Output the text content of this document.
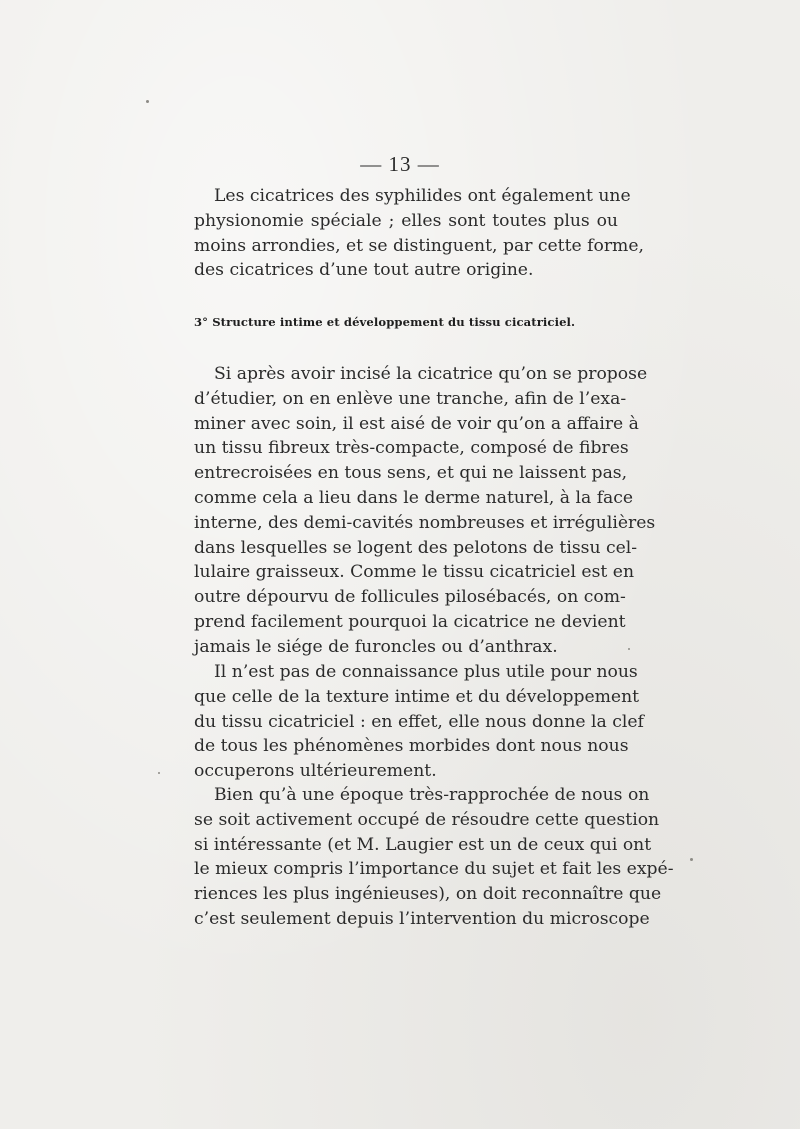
— 13 —

Les cicatrices des syphilides ont également une
physionomie spéciale ; elles sont toutes plus ou
moins arrondies, et se distinguent, par cette forme,
des cicatrices d’une tout autre origine.

3° Structure intime et développement du tissu cicatriciel.

Si après avoir incisé la cicatrice qu’on se propose
d’étudier, on en enlève une tranche, afin de l’exa-
miner avec soin, il est aisé de voir qu’on a affaire à
un tissu fibreux très-compacte, composé de fibres
entrecroisées en tous sens, et qui ne laissent pas,
comme cela a lieu dans le derme naturel, à la face
interne, des demi-cavités nombreuses et irrégulières
dans lesquelles se logent des pelotons de tissu cel-
lulaire graisseux. Comme le tissu cicatriciel est en
outre dépourvu de follicules pilosébacés, on com-
prend facilement pourquoi la cicatrice ne devient
jamais le siége de furoncles ou d’anthrax.

Il n’est pas de connaissance plus utile pour nous
que celle de la texture intime et du développement
du tissu cicatriciel : en effet, elle nous donne la clef
de tous les phénomènes morbides dont nous nous
occuperons ultérieurement.

Bien qu’à une époque très-rapprochée de nous on
se soit activement occupé de résoudre cette question
si intéressante (et M. Laugier est un de ceux qui ont
le mieux compris l’importance du sujet et fait les expé-
riences les plus ingénieuses), on doit reconnaître que
c’est seulement depuis l’intervention du microscope
